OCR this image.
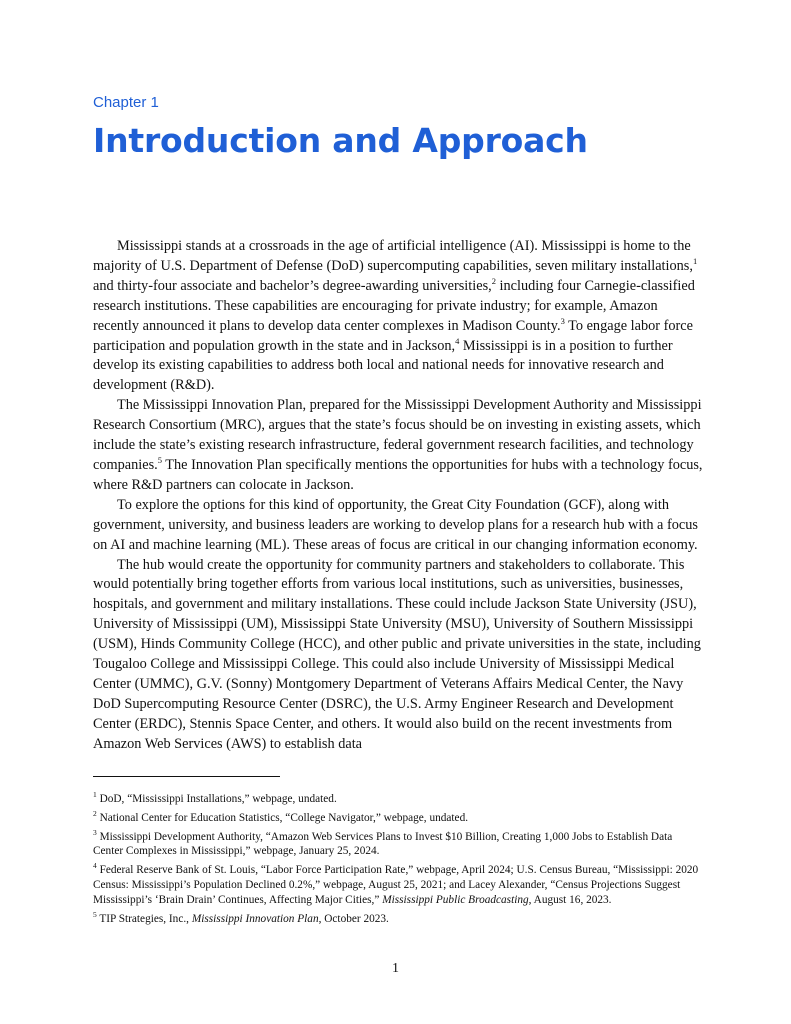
Chapter 1
Introduction and Approach

Mississippi stands at a crossroads in the age of artificial intelligence (AI). Mississippi is home to the majority of U.S. Department of Defense (DoD) supercomputing capabilities, seven military installations,$^1$ and thirty-four associate and bachelor’s degree-awarding universities,$^2$ including four Carnegie-classified research institutions. These capabilities are encouraging for private industry; for example, Amazon recently announced it plans to develop data center complexes in Madison County.$^3$ To engage labor force participation and population growth in the state and in Jackson,$^4$ Mississippi is in a position to further develop its existing capabilities to address both local and national needs for innovative research and development (R&D).

The Mississippi Innovation Plan, prepared for the Mississippi Development Authority and Mississippi Research Consortium (MRC), argues that the state’s focus should be on investing in existing assets, which include the state’s existing research infrastructure, federal government research facilities, and technology companies.$^5$ The Innovation Plan specifically mentions the opportunities for hubs with a technology focus, where R&D partners can colocate in Jackson.

To explore the options for this kind of opportunity, the Great City Foundation (GCF), along with government, university, and business leaders are working to develop plans for a research hub with a focus on AI and machine learning (ML). These areas of focus are critical in our changing information economy.

The hub would create the opportunity for community partners and stakeholders to collaborate. This would potentially bring together efforts from various local institutions, such as universities, businesses, hospitals, and government and military installations. These could include Jackson State University (JSU), University of Mississippi (UM), Mississippi State University (MSU), University of Southern Mississippi (USM), Hinds Community College (HCC), and other public and private universities in the state, including Tougaloo College and Mississippi College. This could also include University of Mississippi Medical Center (UMMC), G.V. (Sonny) Montgomery Department of Veterans Affairs Medical Center, the Navy DoD Supercomputing Resource Center (DSRC), the U.S. Army Engineer Research and Development Center (ERDC), Stennis Space Center, and others. It would also build on the recent investments from Amazon Web Services (AWS) to establish data

$^1$ DoD, “Mississippi Installations,” webpage, undated.
$^2$ National Center for Education Statistics, “College Navigator,” webpage, undated.
$^3$ Mississippi Development Authority, “Amazon Web Services Plans to Invest $10 Billion, Creating 1,000 Jobs to Establish Data Center Complexes in Mississippi,” webpage, January 25, 2024.
$^4$ Federal Reserve Bank of St. Louis, “Labor Force Participation Rate,” webpage, April 2024; U.S. Census Bureau, “Mississippi: 2020 Census: Mississippi’s Population Declined 0.2%,” webpage, August 25, 2021; and Lacey Alexander, “Census Projections Suggest Mississippi’s ‘Brain Drain’ Continues, Affecting Major Cities,” Mississippi Public Broadcasting, August 16, 2023.
$^5$ TIP Strategies, Inc., Mississippi Innovation Plan, October 2023.
1
